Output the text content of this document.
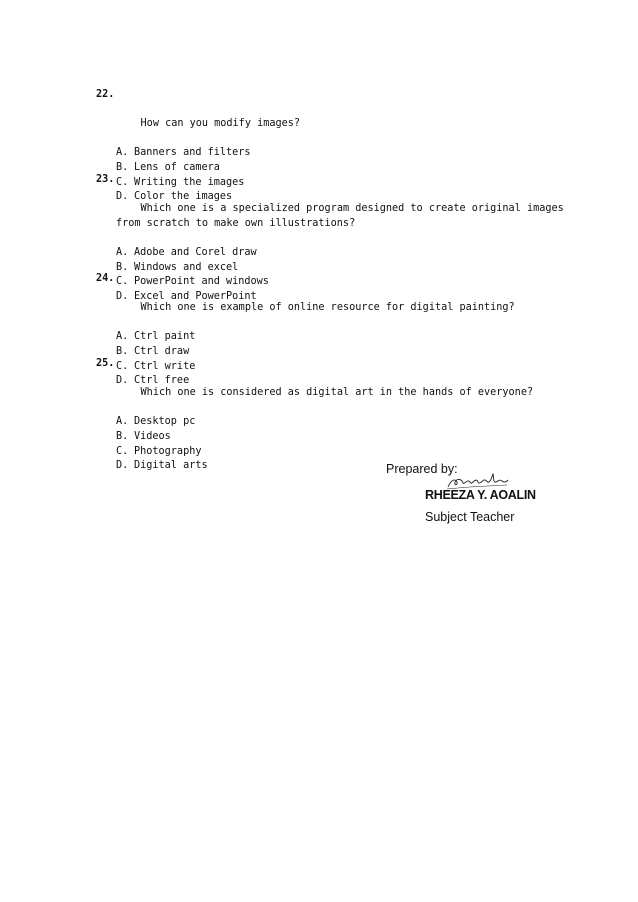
22.

How can you modify images?

A. Banners and filters
B. Lens of camera
C. Writing the images
D. Color the images

23.

Which one is a specialized program designed to create original images from scratch to make own illustrations?

A. Adobe and Corel draw
B. Windows and excel
C. PowerPoint and windows
D. Excel and PowerPoint

24.

Which one is example of online resource for digital painting?

A. Ctrl paint
B. Ctrl draw
C. Ctrl write
D. Ctrl free

25.

Which one is considered as digital art in the hands of everyone?

A. Desktop pc
B. Videos
C. Photography
D. Digital arts	Prepared by:
RHEEZA Y. AOALIN
Subject Teacher
